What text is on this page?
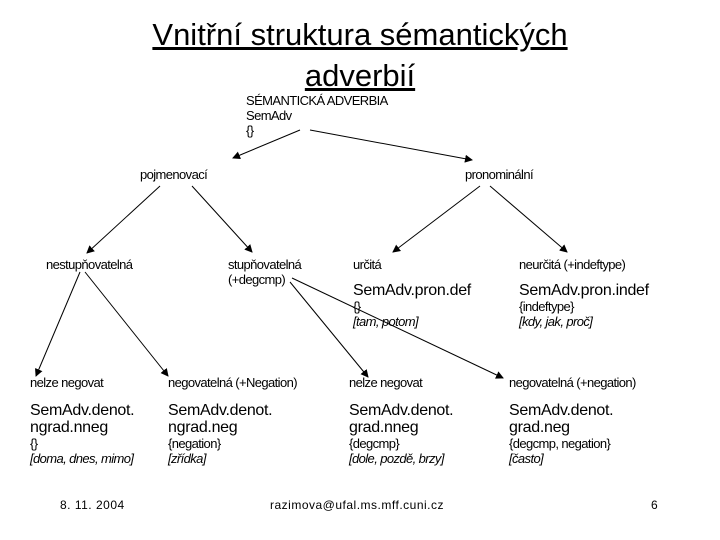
Vnitřní struktura sémantických
adverbií
SÉMANTICKÁ ADVERBIA
SemAdv
{}
pojmenovací	pronominální
nestupňovatelná	stupňovatelná
(+degcmp)
určitá
SemAdv.pron.def
{}
[tam, potom]
neurčitá (+indeftype)
SemAdv.pron.indef
{indeftype}
[kdy, jak, proč]
nelze negovat
SemAdv.denot.
ngrad.nneg
{}
[doma, dnes, mimo]
negovatelná (+Negation)
SemAdv.denot.
ngrad.neg
{negation}
[zřídka]
nelze negovat
SemAdv.denot.
grad.nneg
{degcmp}
[dole, pozdě, brzy]
negovatelná (+negation)
SemAdv.denot.
grad.neg
{degcmp, negation}
[často]
8. 11. 2004	razimova@ufal.ms.mff.cuni.cz	6
